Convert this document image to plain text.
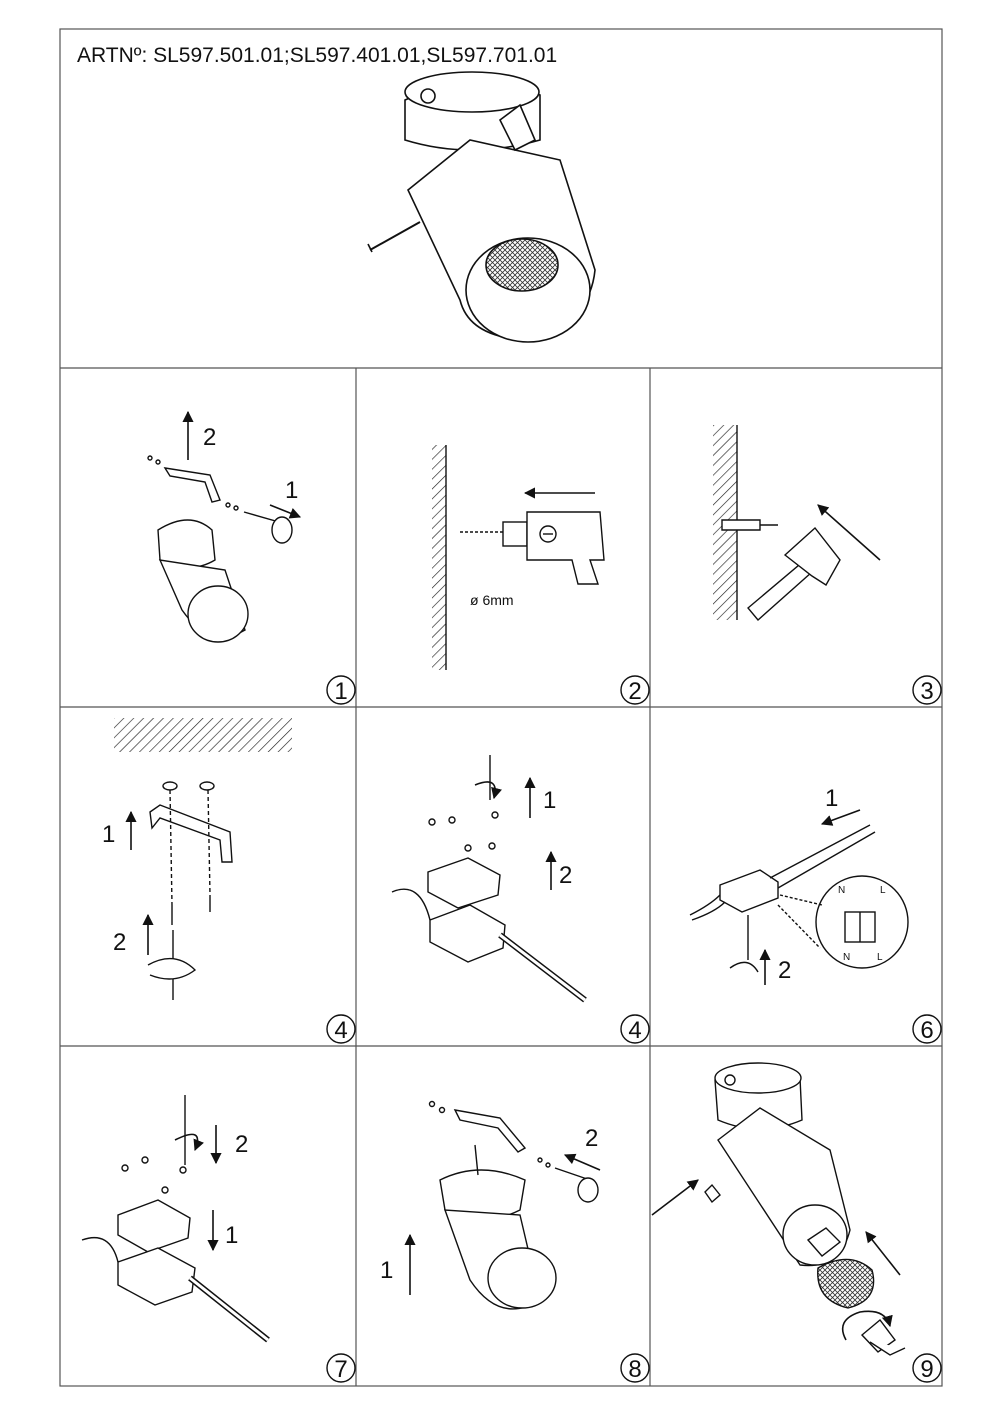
ARTNº: SL597.501.01;SL597.401.01,SL597.701.01
2
1
ø 6mm
1
2
1
2
1
2
N	L
N	L
2
1
2
1
1	2	3
4	4	6
7	8	9
